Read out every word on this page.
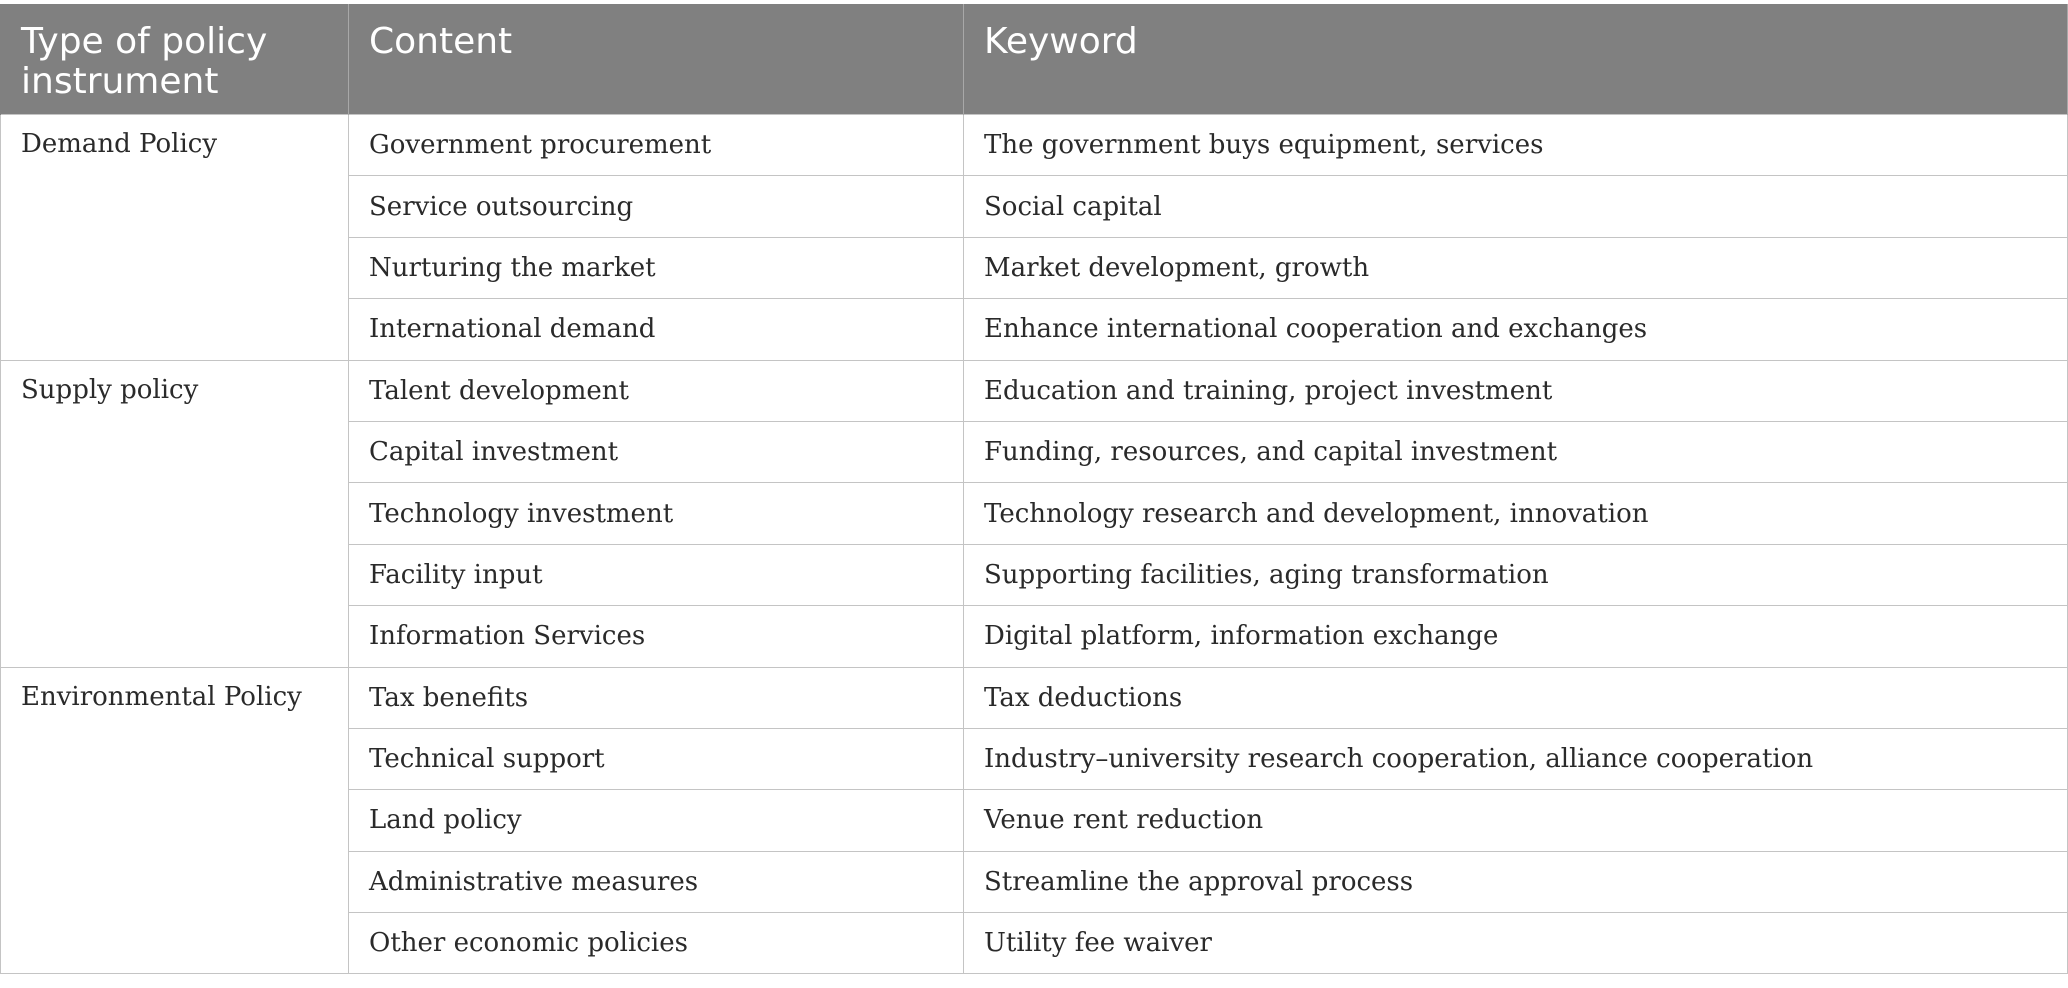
Type of policy instrument	Content	Keyword
Demand Policy	Government procurement	The government buys equipment, services
	Service outsourcing	Social capital
	Nurturing the market	Market development, growth
	International demand	Enhance international cooperation and exchanges
Supply policy	Talent development	Education and training, project investment
	Capital investment	Funding, resources, and capital investment
	Technology investment	Technology research and development, innovation
	Facility input	Supporting facilities, aging transformation
	Information Services	Digital platform, information exchange
Environmental Policy	Tax benefits	Tax deductions
	Technical support	Industry–university research cooperation, alliance cooperation
	Land policy	Venue rent reduction
	Administrative measures	Streamline the approval process
	Other economic policies	Utility fee waiver
